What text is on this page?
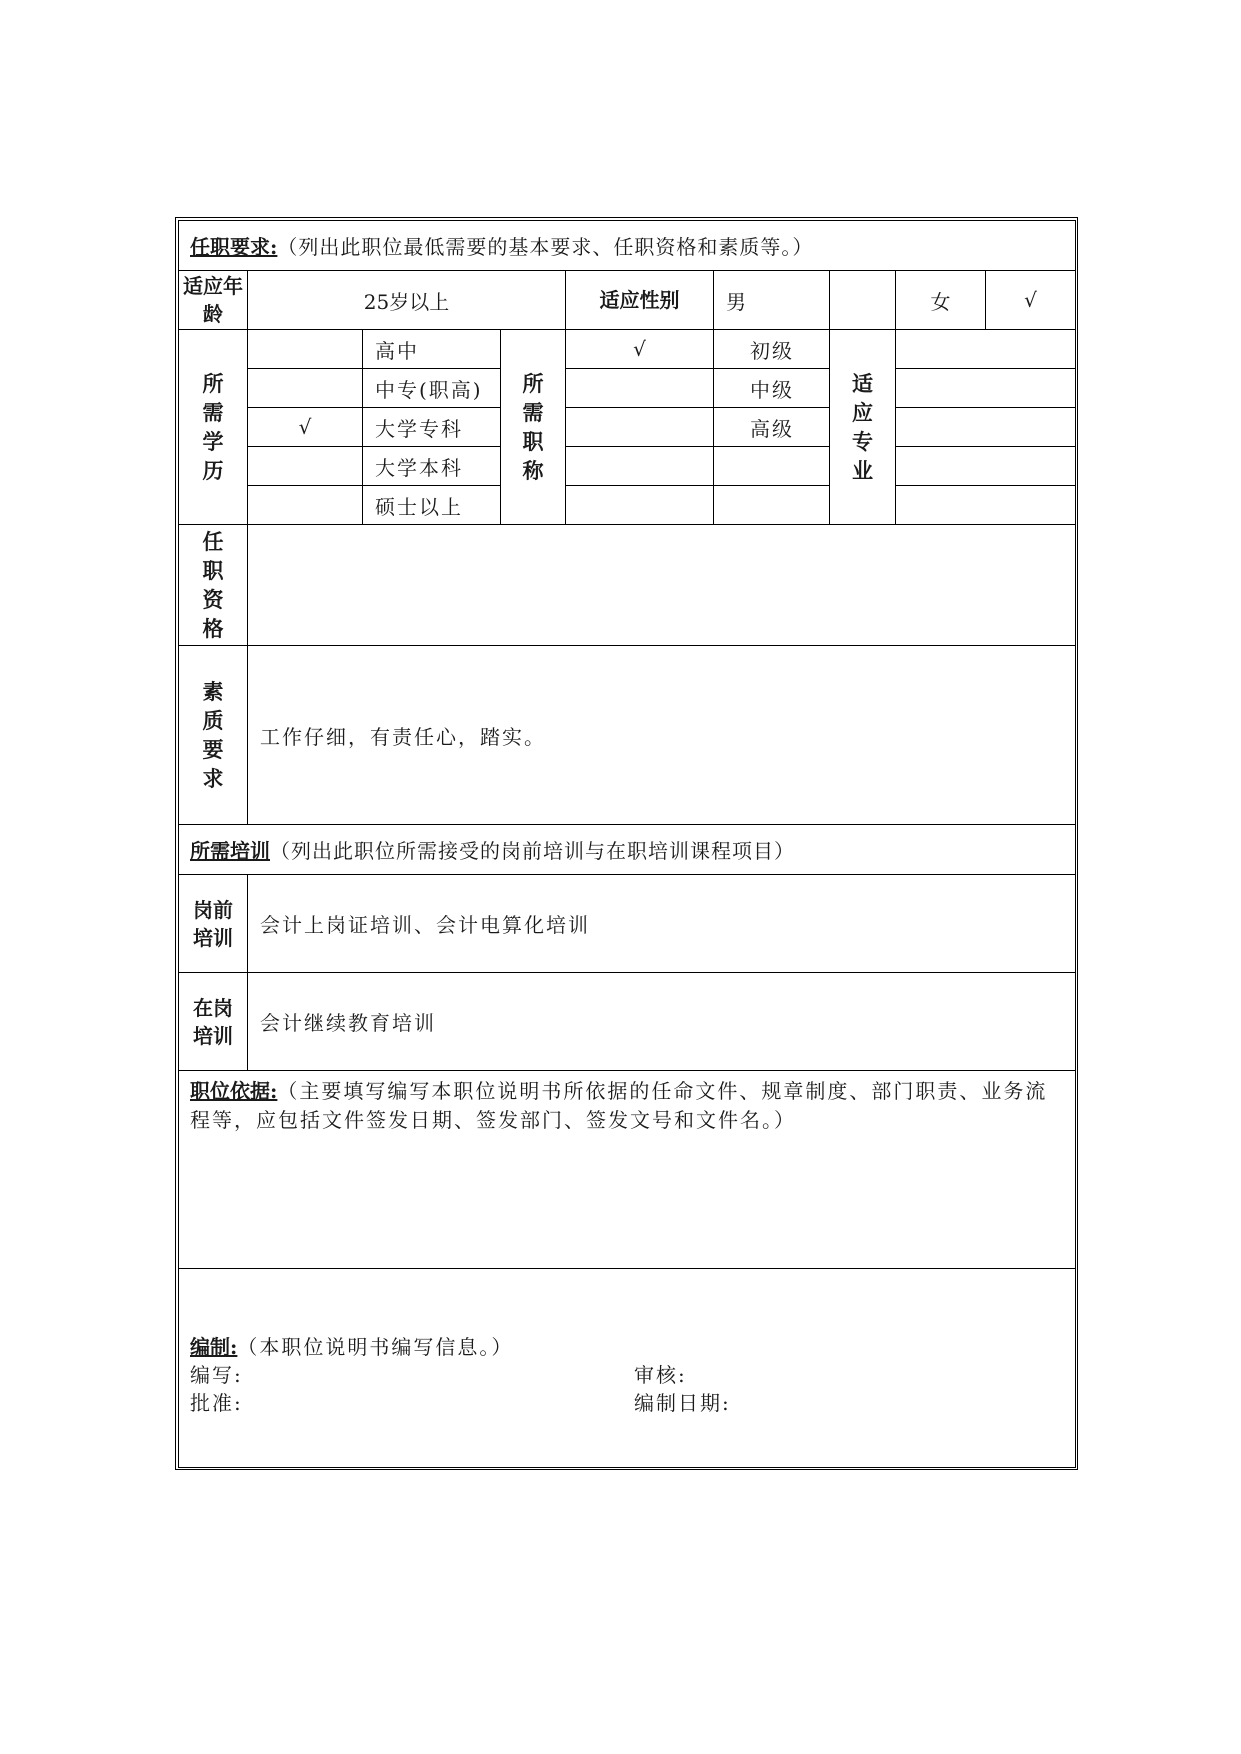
任职要求:（列出此职位最低需要的基本要求、任职资格和素质等。）								
适应年龄	25岁以上			适应性别	男		女	√
所需学历		高中	所需职称	√	初级	适应专业		
		中专(职高)			中级			
	√	大学专科			高级			
		大学本科						
		硕士以上						
任职资格								
素质要求	工作仔细，有责任心，踏实。							
所需培训（列出此职位所需接受的岗前培训与在职培训课程项目）								
岗前培训	会计上岗证培训、会计电算化培训							
在岗培训	会计继续教育培训							
职位依据:（主要填写编写本职位说明书所依据的任命文件、规章制度、部门职责、业务流程等，应包括文件签发日期、签发部门、签发文号和文件名。）								

编制:（本职位说明书编写信息。）
编写: 审核:
批准: 编制日期:								
